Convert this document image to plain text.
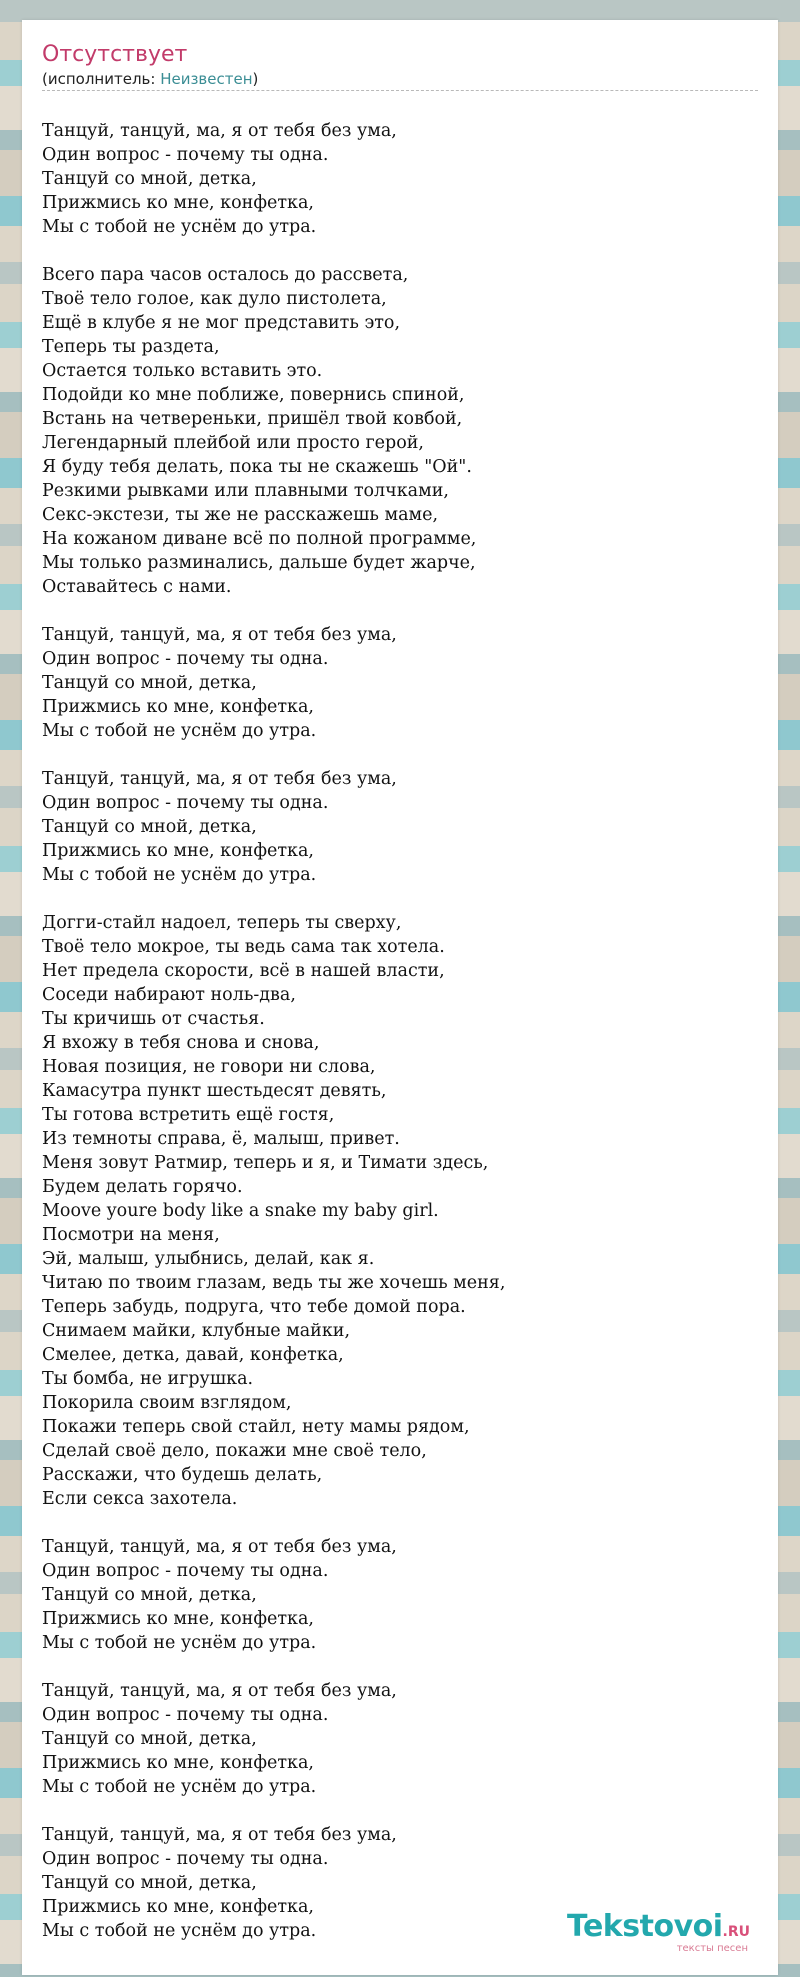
Отсутствует
(исполнитель: Неизвестен)
Танцуй, танцуй, ма, я от тебя без ума,
Один вопрос - почему ты одна.
Танцуй со мной, детка,
Прижмись ко мне, конфетка,
Мы с тобой не уснём до утра.
Всего пара часов осталось до рассвета,
Твоё тело голое, как дуло пистолета,
Ещё в клубе я не мог представить это,
Теперь ты раздета,
Остается только вставить это.
Подойди ко мне поближе, повернись спиной,
Встань на четвереньки, пришёл твой ковбой,
Легендарный плейбой или просто герой,
Я буду тебя делать, пока ты не скажешь "Ой".
Резкими рывками или плавными толчками,
Секс-экстези, ты же не расскажешь маме,
На кожаном диване всё по полной программе,
Мы только разминались, дальше будет жарче,
Оставайтесь с нами.
Танцуй, танцуй, ма, я от тебя без ума,
Один вопрос - почему ты одна.
Танцуй со мной, детка,
Прижмись ко мне, конфетка,
Мы с тобой не уснём до утра.
Танцуй, танцуй, ма, я от тебя без ума,
Один вопрос - почему ты одна.
Танцуй со мной, детка,
Прижмись ко мне, конфетка,
Мы с тобой не уснём до утра.
Догги-стайл надоел, теперь ты сверху,
Твоё тело мокрое, ты ведь сама так хотела.
Нет предела скорости, всё в нашей власти,
Соседи набирают ноль-два,
Ты кричишь от счастья.
Я вхожу в тебя снова и снова,
Новая позиция, не говори ни слова,
Камасутра пункт шестьдесят девять,
Ты готова встретить ещё гостя,
Из темноты справа, ё, малыш, привет.
Меня зовут Ратмир, теперь и я, и Тимати здесь,
Будем делать горячо.
Moove youre body like a snake my baby girl.
Посмотри на меня,
Эй, малыш, улыбнись, делай, как я.
Читаю по твоим глазам, ведь ты же хочешь меня,
Теперь забудь, подруга, что тебе домой пора.
Снимаем майки, клубные майки,
Смелее, детка, давай, конфетка,
Ты бомба, не игрушка.
Покорила своим взглядом,
Покажи теперь свой стайл, нету мамы рядом,
Сделай своё дело, покажи мне своё тело,
Расскажи, что будешь делать,
Если секса захотела.
Танцуй, танцуй, ма, я от тебя без ума,
Один вопрос - почему ты одна.
Танцуй со мной, детка,
Прижмись ко мне, конфетка,
Мы с тобой не уснём до утра.
Танцуй, танцуй, ма, я от тебя без ума,
Один вопрос - почему ты одна.
Танцуй со мной, детка,
Прижмись ко мне, конфетка,
Мы с тобой не уснём до утра.
Танцуй, танцуй, ма, я от тебя без ума,
Один вопрос - почему ты одна.
Танцуй со мной, детка,
Прижмись ко мне, конфетка,
Мы с тобой не уснём до утра.	Tekstovoi.RU
тексты песен
